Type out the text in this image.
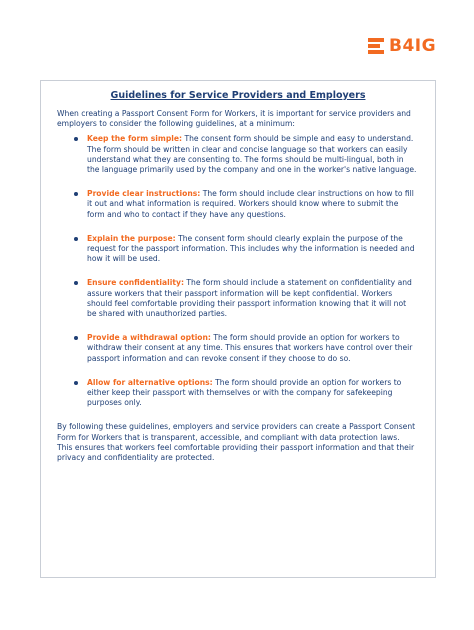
B4IG
Guidelines for Service Providers and Employers

When creating a Passport Consent Form for Workers, it is important for service providers and employers to consider the following guidelines, at a minimum:

Keep the form simple: The consent form should be simple and easy to understand. The form should be written in clear and concise language so that workers can easily understand what they are consenting to. The forms should be multi-lingual, both in the language primarily used by the company and one in the worker's native language.
Provide clear instructions: The form should include clear instructions on how to fill it out and what information is required. Workers should know where to submit the form and who to contact if they have any questions.
Explain the purpose: The consent form should clearly explain the purpose of the request for the passport information. This includes why the information is needed and how it will be used.
Ensure confidentiality: The form should include a statement on confidentiality and assure workers that their passport information will be kept confidential. Workers should feel comfortable providing their passport information knowing that it will not be shared with unauthorized parties.
Provide a withdrawal option: The form should provide an option for workers to withdraw their consent at any time. This ensures that workers have control over their passport information and can revoke consent if they choose to do so.
Allow for alternative options: The form should provide an option for workers to either keep their passport with themselves or with the company for safekeeping purposes only.

By following these guidelines, employers and service providers can create a Passport Consent Form for Workers that is transparent, accessible, and compliant with data protection laws. This ensures that workers feel comfortable providing their passport information and that their privacy and confidentiality are protected.
